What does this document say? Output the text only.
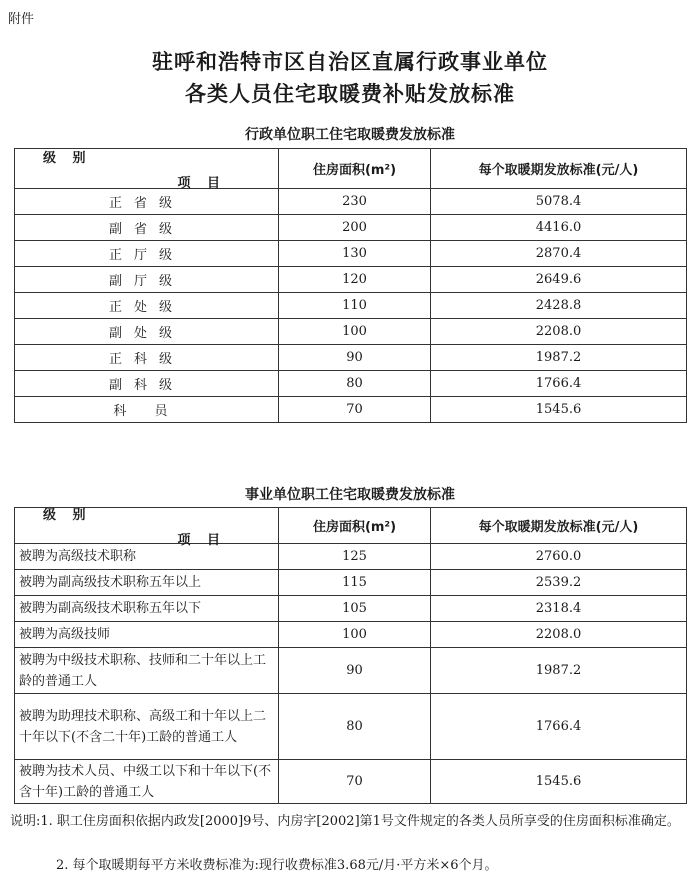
附件
驻呼和浩特市区自治区直属行政事业单位
各类人员住宅取暖费补贴发放标准
行政单位职工住宅取暖费发放标准
项 目
级 别	住房面积(m²)	每个取暖期发放标准(元/人)
正省级	230	5078.4
副省级	200	4416.0
正厅级	130	2870.4
副厅级	120	2649.6
正处级	110	2428.8
副处级	100	2208.0
正科级	90	1987.2
副科级	80	1766.4
科 员	70	1545.6
事业单位职工住宅取暖费发放标准
项 目
级 别	住房面积(m²)	每个取暖期发放标准(元/人)
被聘为高级技术职称	125	2760.0
被聘为副高级技术职称五年以上	115	2539.2
被聘为副高级技术职称五年以下	105	2318.4
被聘为高级技师	100	2208.0
被聘为中级技术职称、技师和二十年以上工龄的普通工人	90	1987.2
被聘为助理技术职称、高级工和十年以上二十年以下(不含二十年)工龄的普通工人	80	1766.4
被聘为技术人员、中级工以下和十年以下(不含十年)工龄的普通工人	70	1545.6
说明:1. 职工住房面积依据内政发[2000]9号、内房字[2002]第1号文件规定的各类人员所享受的住房面积标准确定。
2. 每个取暖期每平方米收费标准为:现行收费标准3.68元/月·平方米×6个月。
